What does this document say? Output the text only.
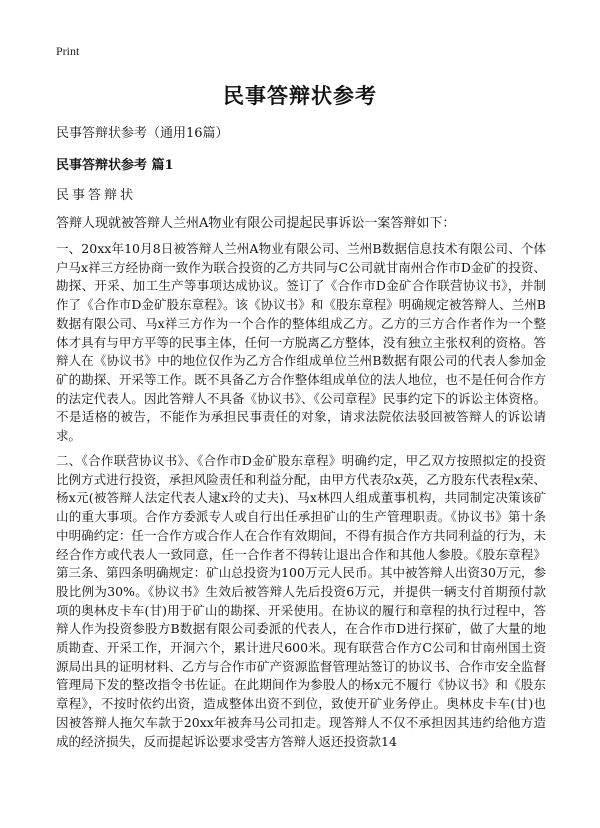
Print
民事答辩状参考
民事答辩状参考（通用16篇）
民事答辩状参考 篇1
民事答辩状
答辩人现就被答辩人兰州A物业有限公司提起民事诉讼一案答辩如下：
一、20xx年10月8日被答辩人兰州A物业有限公司、兰州B数据信息技术有限公司、个体户马x祥三方经协商一致作为联合投资的乙方共同与C公司就甘南州合作市D金矿的投资、勘探、开采、加工生产等事项达成协议。签订了《合作市D金矿合作联营协议书》，并制作了《合作市D金矿股东章程》。该《协议书》和《股东章程》明确规定被答辩人、兰州B数据有限公司、马x祥三方作为一个合作的整体组成乙方。乙方的三方合作者作为一个整体才具有与甲方平等的民事主体，任何一方脱离乙方整体，没有独立主张权利的资格。答辩人在《协议书》中的地位仅作为乙方合作组成单位兰州B数据有限公司的代表人参加金矿的勘探、开采等工作。既不具备乙方合作整体组成单位的法人地位，也不是任何合作方的法定代表人。因此答辩人不具备《协议书》、《公司章程》民事约定下的诉讼主体资格。不是适格的被告，不能作为承担民事责任的对象，请求法院依法驳回被答辩人的诉讼请求。
二、《合作联营协议书》、《合作市D金矿股东章程》明确约定，甲乙双方按照拟定的投资比例方式进行投资，承担风险责任和利益分配，由甲方代表尕x英，乙方股东代表程x荣、杨x元(被答辩人法定代表人逮x玲的丈夫)、马x林四人组成董事机构，共同制定决策该矿山的重大事项。合作方委派专人或自行出任承担矿山的生产管理职责。《协议书》第十条中明确约定：任一合作方或合作人在合作有效期间，不得有损合作方共同利益的行为，未经合作方或代表人一致同意，任一合作者不得转让退出合作和其他人参股。《股东章程》第三条、第四条明确规定：矿山总投资为100万元人民币。其中被答辩人出资30万元，参股比例为30%。《协议书》生效后被答辩人先后投资6万元，并提供一辆支付首期预付款项的奥林皮卡车(甘)用于矿山的勘探、开采使用。在协议的履行和章程的执行过程中，答辩人作为投资参股方B数据有限公司委派的代表人，在合作市D进行探矿，做了大量的地质勘查、开采工作，开洞六个，累计进尺600米。现有联营合作方C公司和甘南州国土资源局出具的证明材料、乙方与合作市矿产资源监督管理站签订的协议书、合作市安全监督管理局下发的整改指令书佐证。在此期间作为参股人的杨x元不履行《协议书》和《股东章程》，不按时依约出资，造成整体出资不到位，致使开矿业务停止。奥林皮卡车(甘)也因被答辩人拖欠车款于20xx年被奔马公司扣走。现答辩人不仅不承担因其违约给他方造成的经济损失，反而提起诉讼要求受害方答辩人返还投资款14
